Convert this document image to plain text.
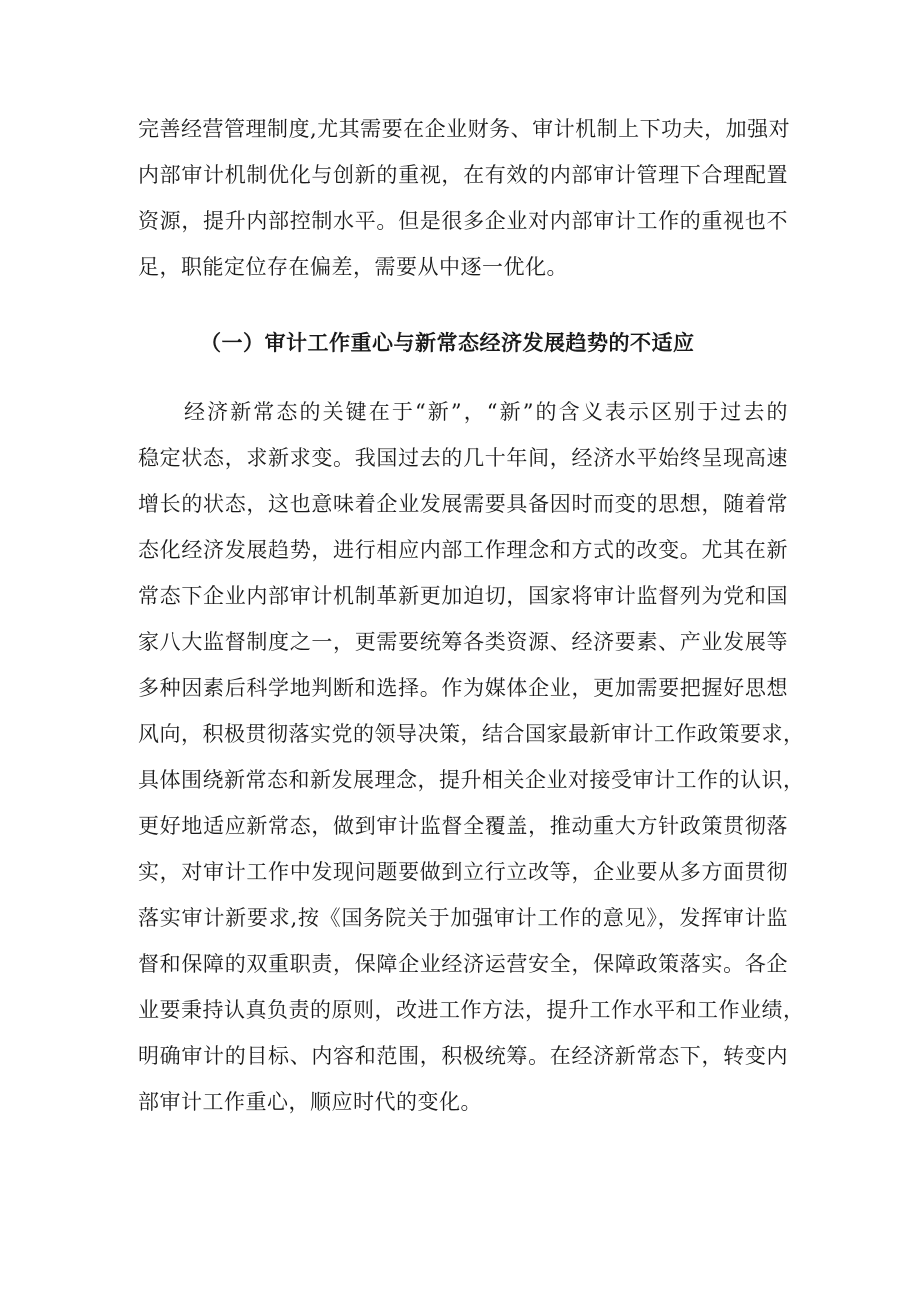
完善经营管理制度,尤其需要在企业财务、审计机制上下功夫，加强对
内部审计机制优化与创新的重视，在有效的内部审计管理下合理配置
资源，提升内部控制水平。但是很多企业对内部审计工作的重视也不
足，职能定位存在偏差，需要从中逐一优化。
（一）审计工作重心与新常态经济发展趋势的不适应
经济新常态的关键在于“新”，“新”的含义表示区别于过去的
稳定状态，求新求变。我国过去的几十年间，经济水平始终呈现高速
增长的状态，这也意味着企业发展需要具备因时而变的思想，随着常
态化经济发展趋势，进行相应内部工作理念和方式的改变。尤其在新
常态下企业内部审计机制革新更加迫切，国家将审计监督列为党和国
家八大监督制度之一，更需要统筹各类资源、经济要素、产业发展等
多种因素后科学地判断和选择。作为媒体企业，更加需要把握好思想
风向，积极贯彻落实党的领导决策，结合国家最新审计工作政策要求，
具体围绕新常态和新发展理念，提升相关企业对接受审计工作的认识，
更好地适应新常态，做到审计监督全覆盖，推动重大方针政策贯彻落
实，对审计工作中发现问题要做到立行立改等，企业要从多方面贯彻
落实审计新要求,按《国务院关于加强审计工作的意见》，发挥审计监
督和保障的双重职责，保障企业经济运营安全，保障政策落实。各企
业要秉持认真负责的原则，改进工作方法，提升工作水平和工作业绩，
明确审计的目标、内容和范围，积极统筹。在经济新常态下，转变内
部审计工作重心，顺应时代的变化。
